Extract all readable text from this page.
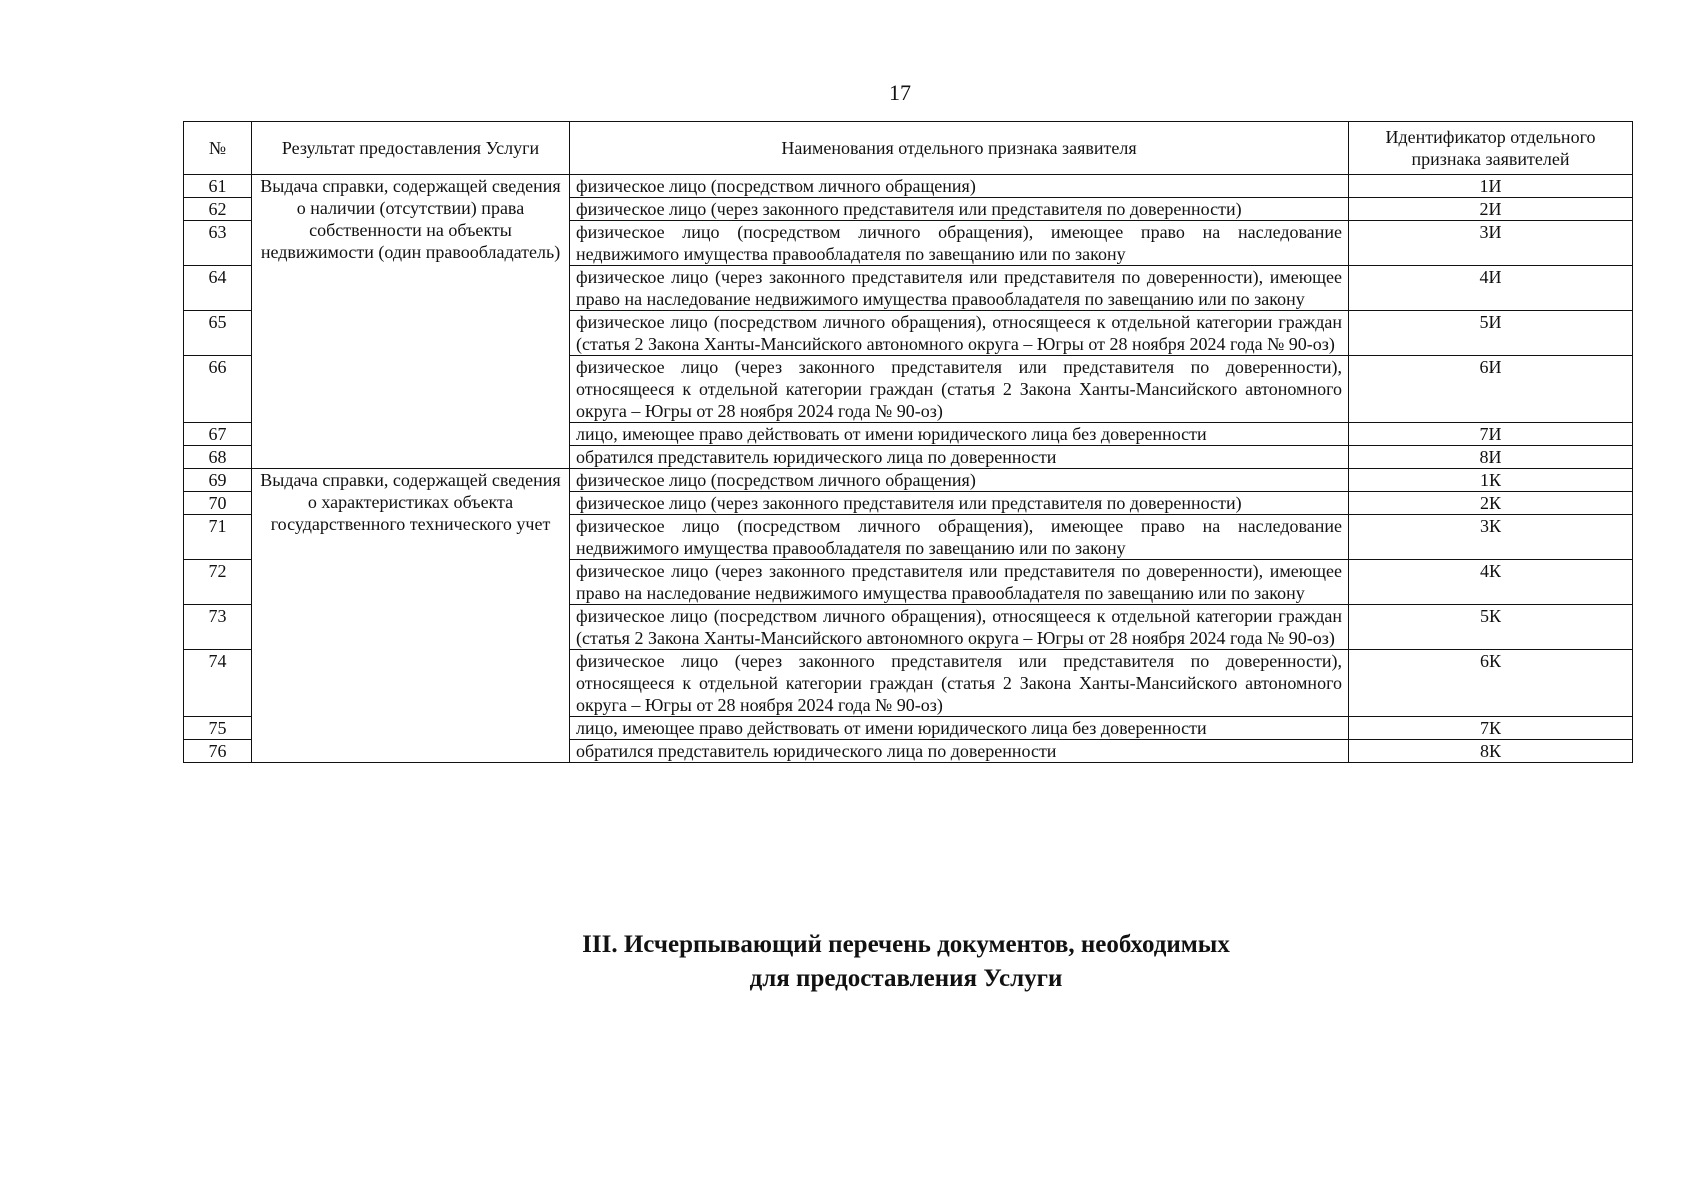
17
№	Результат предоставления Услуги	Наименования отдельного признака заявителя	Идентификатор отдельного признака заявителей
61	Выдача справки, содержащей сведения о наличии (отсутствии) права собственности на объекты недвижимости (один правообладатель)	физическое лицо (посредством личного обращения)	1И
62		физическое лицо (через законного представителя или представителя по доверенности)	2И
63		физическое лицо (посредством личного обращения), имеющее право на наследование недвижимого имущества правообладателя по завещанию или по закону	3И
64		физическое лицо (через законного представителя или представителя по доверенности), имеющее право на наследование недвижимого имущества правообладателя по завещанию или по закону	4И
65		физическое лицо (посредством личного обращения), относящееся к отдельной категории граждан (статья 2 Закона Ханты-Мансийского автономного округа – Югры от 28 ноября 2024 года № 90-оз)	5И
66		физическое лицо (через законного представителя или представителя по доверенности), относящееся к отдельной категории граждан (статья 2 Закона Ханты-Мансийского автономного округа – Югры от 28 ноября 2024 года № 90-оз)	6И
67		лицо, имеющее право действовать от имени юридического лица без доверенности	7И
68		обратился представитель юридического лица по доверенности	8И
69	Выдача справки, содержащей сведения о характеристиках объекта государственного технического учет	физическое лицо (посредством личного обращения)	1К
70		физическое лицо (через законного представителя или представителя по доверенности)	2К
71		физическое лицо (посредством личного обращения), имеющее право на наследование недвижимого имущества правообладателя по завещанию или по закону	3К
72		физическое лицо (через законного представителя или представителя по доверенности), имеющее право на наследование недвижимого имущества правообладателя по завещанию или по закону	4К
73		физическое лицо (посредством личного обращения), относящееся к отдельной категории граждан (статья 2 Закона Ханты-Мансийского автономного округа – Югры от 28 ноября 2024 года № 90-оз)	5К
74		физическое лицо (через законного представителя или представителя по доверенности), относящееся к отдельной категории граждан (статья 2 Закона Ханты-Мансийского автономного округа – Югры от 28 ноября 2024 года № 90-оз)	6К
75		лицо, имеющее право действовать от имени юридического лица без доверенности	7К
76		обратился представитель юридического лица по доверенности	8К
III. Исчерпывающий перечень документов, необходимых
для предоставления Услуги
